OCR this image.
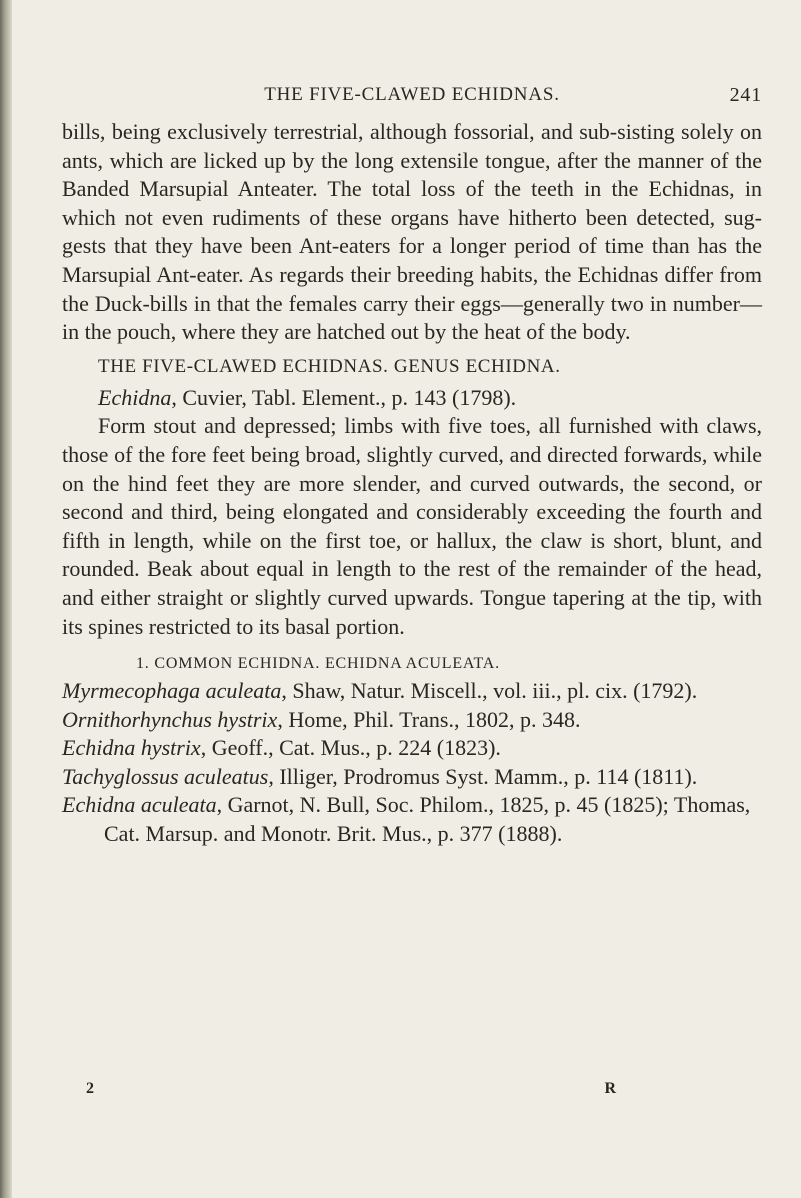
THE FIVE-CLAWED ECHIDNAS.	241

bills, being exclusively terrestrial, although fossorial, and sub-sisting solely on ants, which are licked up by the long extensile tongue, after the manner of the Banded Marsupial Anteater. The total loss of the teeth in the Echidnas, in which not even rudiments of these organs have hitherto been detected, sug-gests that they have been Ant-eaters for a longer period of time than has the Marsupial Ant-eater. As regards their breeding habits, the Echidnas differ from the Duck-bills in that the females carry their eggs—generally two in number—in the pouch, where they are hatched out by the heat of the body.

THE FIVE-CLAWED ECHIDNAS. GENUS ECHIDNA.

Echidna, Cuvier, Tabl. Element., p. 143 (1798).

Form stout and depressed; limbs with five toes, all furnished with claws, those of the fore feet being broad, slightly curved, and directed forwards, while on the hind feet they are more slender, and curved outwards, the second, or second and third, being elongated and considerably exceeding the fourth and fifth in length, while on the first toe, or hallux, the claw is short, blunt, and rounded. Beak about equal in length to the rest of the remainder of the head, and either straight or slightly curved upwards. Tongue tapering at the tip, with its spines restricted to its basal portion.

1. COMMON ECHIDNA. ECHIDNA ACULEATA.

Myrmecophaga aculeata, Shaw, Natur. Miscell., vol. iii., pl. cix. (1792).

Ornithorhynchus hystrix, Home, Phil. Trans., 1802, p. 348.

Echidna hystrix, Geoff., Cat. Mus., p. 224 (1823).

Tachyglossus aculeatus, Illiger, Prodromus Syst. Mamm., p. 114 (1811).

Echidna aculeata, Garnot, N. Bull, Soc. Philom., 1825, p. 45 (1825); Thomas, Cat. Marsup. and Monotr. Brit. Mus., p. 377 (1888).

2	R
